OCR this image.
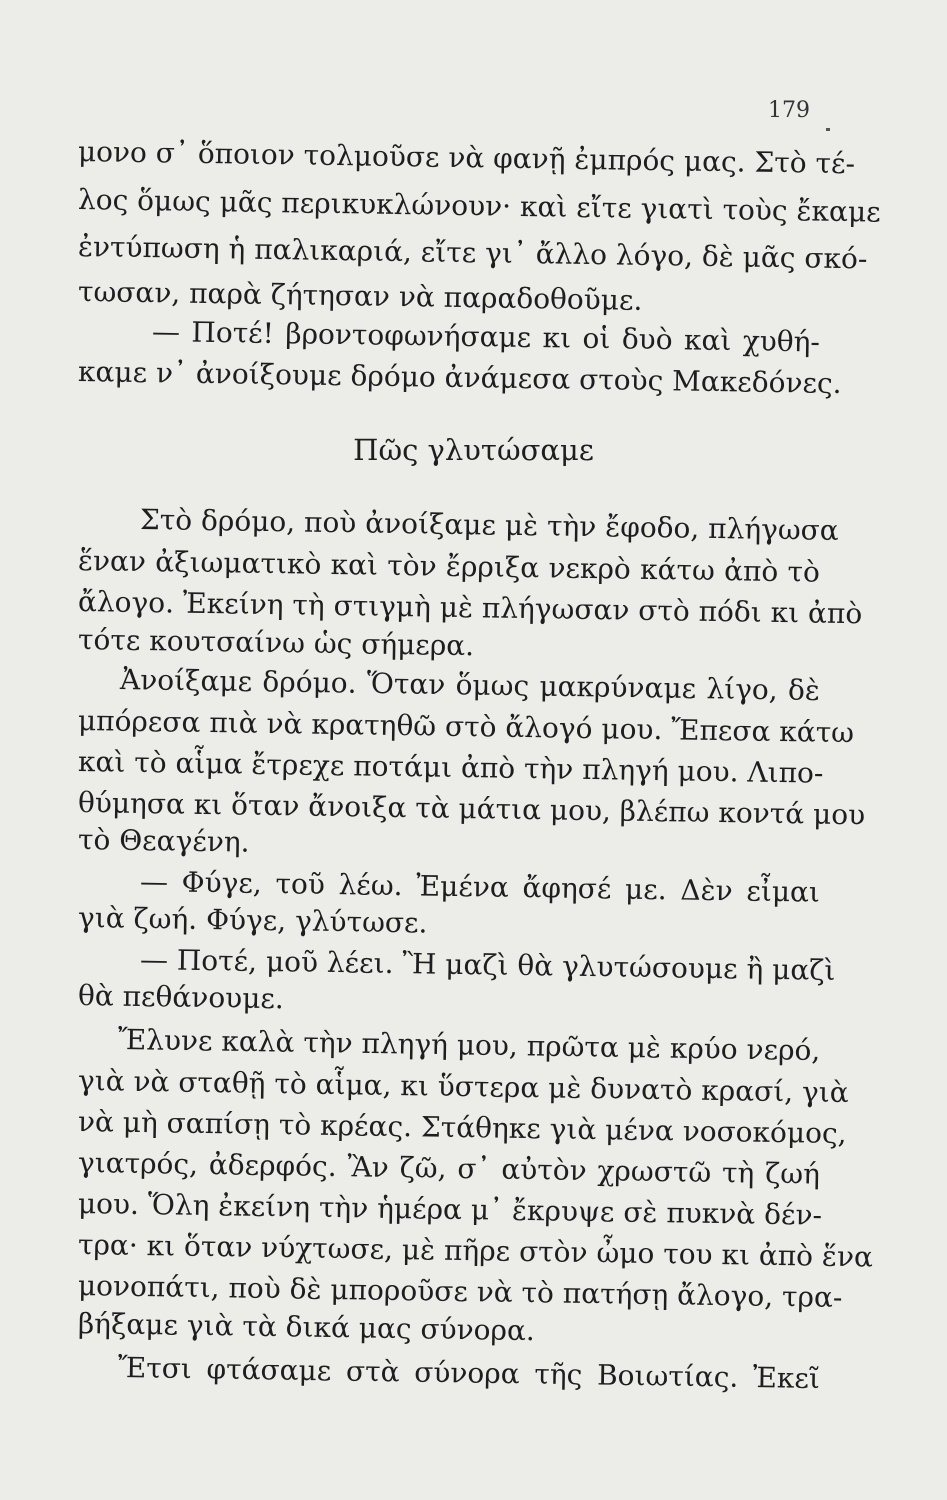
179
μονο σ᾽ ὅποιον τολμοῦσε νὰ φανῇ ἐμπρός μας. Στὸ τέ-
λος ὅμως μᾶς περικυκλώνουν· καὶ εἴτε γιατὶ τοὺς ἔκαμε
ἐντύπωση ἡ παλικαριά, εἴτε γι᾽ ἄλλο λόγο, δὲ μᾶς σκό-
τωσαν, παρὰ ζήτησαν νὰ παραδοθοῦμε.
— Ποτέ! βροντοφωνήσαμε κι οἱ δυὸ καὶ χυθή-
καμε ν᾽ ἀνοίξουμε δρόμο ἀνάμεσα στοὺς Μακεδόνες.
Πῶς γλυτώσαμε
Στὸ δρόμο, ποὺ ἀνοίξαμε μὲ τὴν ἔφοδο, πλήγωσα
ἕναν ἀξιωματικὸ καὶ τὸν ἔρριξα νεκρὸ κάτω ἀπὸ τὸ
ἄλογο. Ἐκείνη τὴ στιγμὴ μὲ πλήγωσαν στὸ πόδι κι ἀπὸ
τότε κουτσαίνω ὡς σήμερα.
Ἀνοίξαμε δρόμο. Ὅταν ὅμως μακρύναμε λίγο, δὲ
μπόρεσα πιὰ νὰ κρατηθῶ στὸ ἄλογό μου. Ἔπεσα κάτω
καὶ τὸ αἷμα ἔτρεχε ποτάμι ἀπὸ τὴν πληγή μου. Λιπο-
θύμησα κι ὅταν ἄνοιξα τὰ μάτια μου, βλέπω κοντά μου
τὸ Θεαγένη.
— Φύγε, τοῦ λέω. Ἐμένα ἄφησέ με. Δὲν εἶμαι
γιὰ ζωή. Φύγε, γλύτωσε.
— Ποτέ, μοῦ λέει. Ἢ μαζὶ θὰ γλυτώσουμε ἢ μαζὶ
θὰ πεθάνουμε.
Ἔλυνε καλὰ τὴν πληγή μου, πρῶτα μὲ κρύο νερό,
γιὰ νὰ σταθῇ τὸ αἷμα, κι ὕστερα μὲ δυνατὸ κρασί, γιὰ
νὰ μὴ σαπίσῃ τὸ κρέας. Στάθηκε γιὰ μένα νοσοκόμος,
γιατρός, ἀδερφός. Ἂν ζῶ, σ᾽ αὐτὸν χρωστῶ τὴ ζωή
μου. Ὅλη ἐκείνη τὴν ἡμέρα μ᾽ ἔκρυψε σὲ πυκνὰ δέν-
τρα· κι ὅταν νύχτωσε, μὲ πῆρε στὸν ὦμο του κι ἀπὸ ἕνα
μονοπάτι, ποὺ δὲ μποροῦσε νὰ τὸ πατήσῃ ἄλογο, τρα-
βήξαμε γιὰ τὰ δικά μας σύνορα.
Ἔτσι φτάσαμε στὰ σύνορα τῆς Βοιωτίας. Ἐκεῖ
